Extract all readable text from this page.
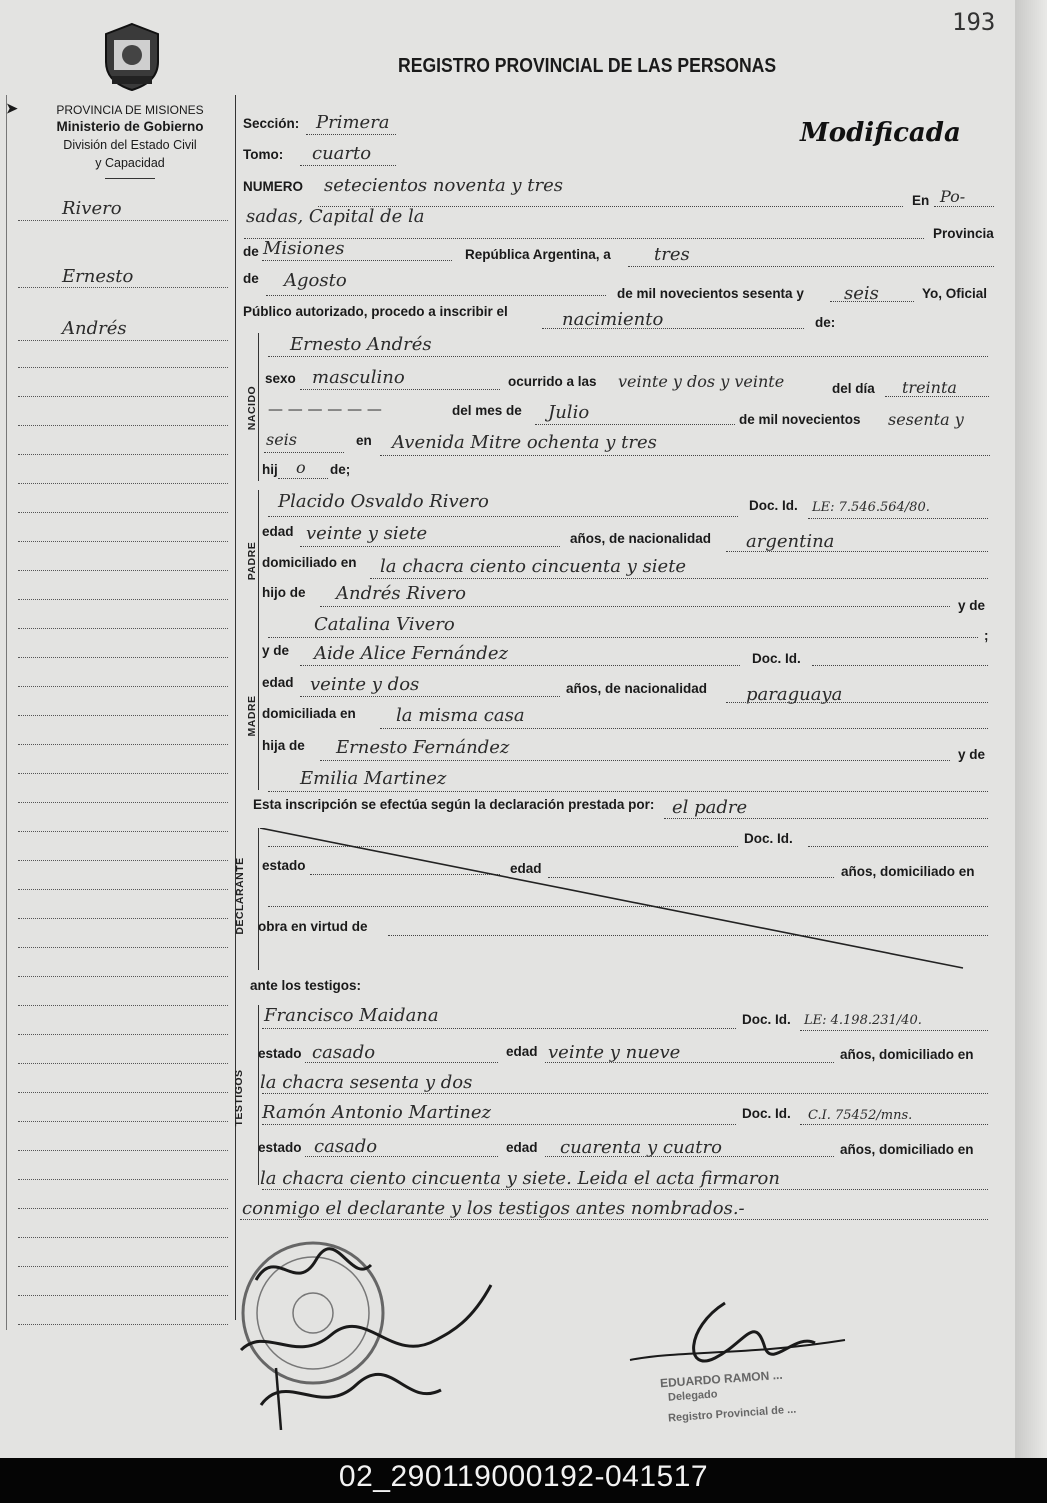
193
PROVINCIA DE MISIONES
Ministerio de Gobierno
División del Estado Civil
y Capacidad
REGISTRO PROVINCIAL DE LAS PERSONAS
Modificada
➤
Rivero
Ernesto
Andrés
Sección: Primera
Tomo: cuarto
NUMERO setecientos noventa y tres
En Po-
sadas, Capital de la
Provincia
de Misiones	República Argentina, a tres
de Agosto
de mil novecientos sesenta y seis	Yo, Oficial
Público autorizado, procedo a inscribir el	nacimiento	de:
NACIDO
Ernesto Andrés
sexo masculino	ocurrido a las veinte y dos y veinte	del día treinta
— — — — — —	del mes de Julio	de mil novecientos sesenta y
seis	en Avenida Mitre ochenta y tres
hij o de;
PADRE
Placido Osvaldo Rivero	Doc. Id. LE: 7.546.564/80.
edad veinte y siete	años, de nacionalidad argentina
domiciliado en la chacra ciento cincuenta y siete
hijo de Andrés Rivero
y de
Catalina Vivero
;
MADRE
y de Aide Alice Fernández	Doc. Id.
edad veinte y dos	años, de nacionalidad paraguaya
domiciliada en la misma casa
hija de Ernesto Fernández	y de
Emilia Martinez
Esta inscripción se efectúa según la declaración prestada por: el padre
DECLARANTE
Doc. Id.
estado	edad	años, domiciliado en
obra en virtud de
ante los testigos:
TESTIGOS
Francisco Maidana	Doc. Id. LE: 4.198.231/40.
estado casado	edad veinte y nueve	años, domiciliado en
la chacra sesenta y dos
Ramón Antonio Martinez	Doc. Id. C.I. 75452/mns.
estado casado	edad cuarenta y cuatro	años, domiciliado en
la chacra ciento cincuenta y siete. Leida el acta firmaron
conmigo el declarante y los testigos antes nombrados.-
EDUARDO RAMON ...
Delegado
Registro Provincial de ...
02_290119000192-041517
